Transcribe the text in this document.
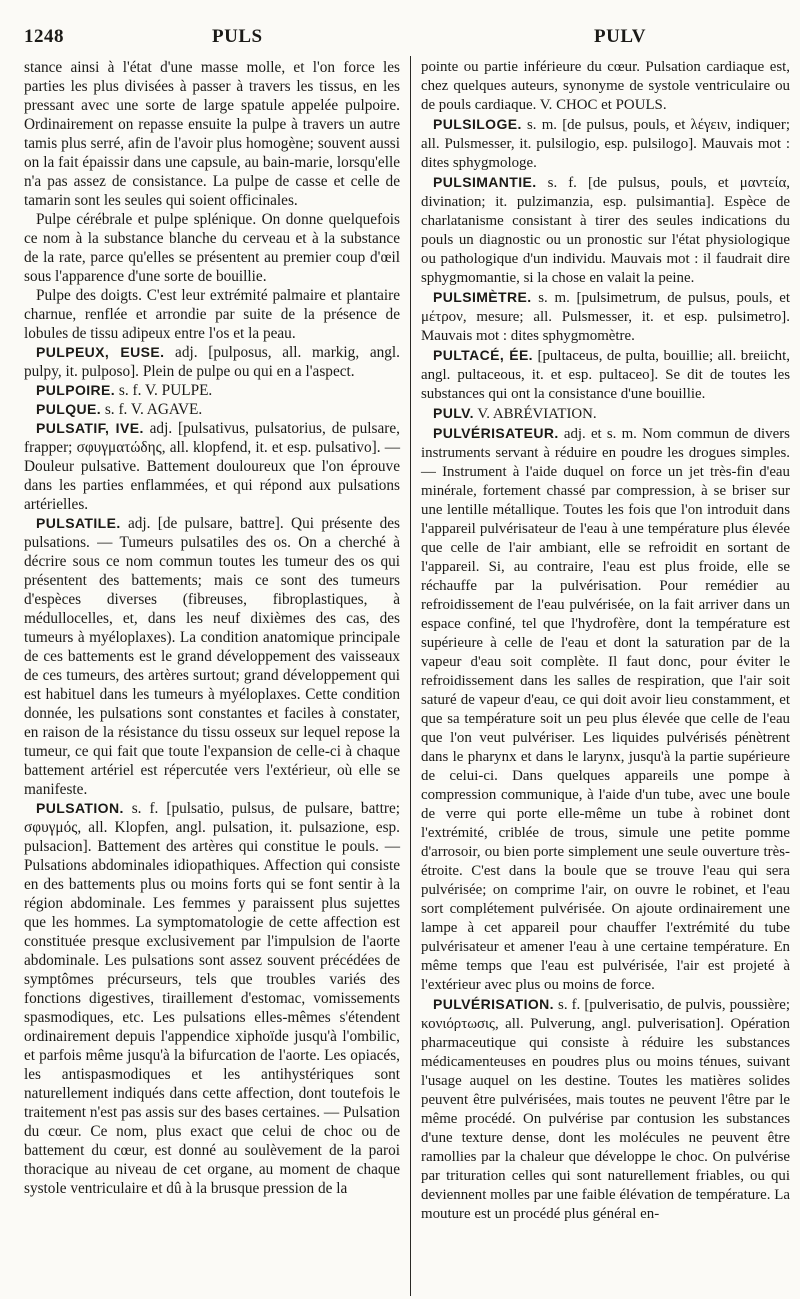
1248	PULS	PULV

stance ainsi à l'état d'une masse molle, et l'on force les parties les plus divisées à passer à travers les tissus, en les pressant avec une sorte de large spatule appelée pulpoire. Ordinairement on repasse ensuite la pulpe à travers un autre tamis plus serré, afin de l'avoir plus homogène; souvent aussi on la fait épaissir dans une capsule, au bain-marie, lorsqu'elle n'a pas assez de consistance. La pulpe de casse et celle de tamarin sont les seules qui soient officinales.

Pulpe cérébrale et pulpe splénique. On donne quelquefois ce nom à la substance blanche du cerveau et à la substance de la rate, parce qu'elles se présentent au premier coup d'œil sous l'apparence d'une sorte de bouillie.

Pulpe des doigts. C'est leur extrémité palmaire et plantaire charnue, renflée et arrondie par suite de la présence de lobules de tissu adipeux entre l'os et la peau.

PULPEUX, EUSE. adj. [pulposus, all. markig, angl. pulpy, it. pulposo]. Plein de pulpe ou qui en a l'aspect.

PULPOIRE. s. f. V. PULPE.

PULQUE. s. f. V. AGAVE.

PULSATIF, IVE. adj. [pulsativus, pulsatorius, de pulsare, frapper; σφυγματώδης, all. klopfend, it. et esp. pulsativo]. — Douleur pulsative. Battement douloureux que l'on éprouve dans les parties enflammées, et qui répond aux pulsations artérielles.

PULSATILE. adj. [de pulsare, battre]. Qui présente des pulsations. — Tumeurs pulsatiles des os. On a cherché à décrire sous ce nom commun toutes les tumeur des os qui présentent des battements; mais ce sont des tumeurs d'espèces diverses (fibreuses, fibroplastiques, à médullocelles, et, dans les neuf dixièmes des cas, des tumeurs à myéloplaxes). La condition anatomique principale de ces battements est le grand développement des vaisseaux de ces tumeurs, des artères surtout; grand développement qui est habituel dans les tumeurs à myéloplaxes. Cette condition donnée, les pulsations sont constantes et faciles à constater, en raison de la résistance du tissu osseux sur lequel repose la tumeur, ce qui fait que toute l'expansion de celle-ci à chaque battement artériel est répercutée vers l'extérieur, où elle se manifeste.

PULSATION. s. f. [pulsatio, pulsus, de pulsare, battre; σφυγμός, all. Klopfen, angl. pulsation, it. pulsazione, esp. pulsacion]. Battement des artères qui constitue le pouls. — Pulsations abdominales idiopathiques. Affection qui consiste en des battements plus ou moins forts qui se font sentir à la région abdominale. Les femmes y paraissent plus sujettes que les hommes. La symptomatologie de cette affection est constituée presque exclusivement par l'impulsion de l'aorte abdominale. Les pulsations sont assez souvent précédées de symptômes précurseurs, tels que troubles variés des fonctions digestives, tiraillement d'estomac, vomissements spasmodiques, etc. Les pulsations elles-mêmes s'étendent ordinairement depuis l'appendice xiphoïde jusqu'à l'ombilic, et parfois même jusqu'à la bifurcation de l'aorte. Les opiacés, les antispasmodiques et les antihystériques sont naturellement indiqués dans cette affection, dont toutefois le traitement n'est pas assis sur des bases certaines. — Pulsation du cœur. Ce nom, plus exact que celui de choc ou de battement du cœur, est donné au soulèvement de la paroi thoracique au niveau de cet organe, au moment de chaque systole ventriculaire et dû à la brusque pression de la

pointe ou partie inférieure du cœur. Pulsation cardiaque est, chez quelques auteurs, synonyme de systole ventriculaire ou de pouls cardiaque. V. CHOC et POULS.

PULSILOGE. s. m. [de pulsus, pouls, et λέγειν, indiquer; all. Pulsmesser, it. pulsilogio, esp. pulsilogo]. Mauvais mot : dites sphygmologe.

PULSIMANTIE. s. f. [de pulsus, pouls, et μαντεία, divination; it. pulzimanzia, esp. pulsimantia]. Espèce de charlatanisme consistant à tirer des seules indications du pouls un diagnostic ou un pronostic sur l'état physiologique ou pathologique d'un individu. Mauvais mot : il faudrait dire sphygmomantie, si la chose en valait la peine.

PULSIMÈTRE. s. m. [pulsimetrum, de pulsus, pouls, et μέτρον, mesure; all. Pulsmesser, it. et esp. pulsimetro]. Mauvais mot : dites sphygmomètre.

PULTACÉ, ÉE. [pultaceus, de pulta, bouillie; all. breiicht, angl. pultaceous, it. et esp. pultaceo]. Se dit de toutes les substances qui ont la consistance d'une bouillie.

PULV. V. ABRÉVIATION.

PULVÉRISATEUR. adj. et s. m. Nom commun de divers instruments servant à réduire en poudre les drogues simples. — Instrument à l'aide duquel on force un jet très-fin d'eau minérale, fortement chassé par compression, à se briser sur une lentille métallique. Toutes les fois que l'on introduit dans l'appareil pulvérisateur de l'eau à une température plus élevée que celle de l'air ambiant, elle se refroidit en sortant de l'appareil. Si, au contraire, l'eau est plus froide, elle se réchauffe par la pulvérisation. Pour remédier au refroidissement de l'eau pulvérisée, on la fait arriver dans un espace confiné, tel que l'hydrofère, dont la température est supérieure à celle de l'eau et dont la saturation par de la vapeur d'eau soit complète. Il faut donc, pour éviter le refroidissement dans les salles de respiration, que l'air soit saturé de vapeur d'eau, ce qui doit avoir lieu constamment, et que sa température soit un peu plus élevée que celle de l'eau que l'on veut pulvériser. Les liquides pulvérisés pénètrent dans le pharynx et dans le larynx, jusqu'à la partie supérieure de celui-ci. Dans quelques appareils une pompe à compression communique, à l'aide d'un tube, avec une boule de verre qui porte elle-même un tube à robinet dont l'extrémité, criblée de trous, simule une petite pomme d'arrosoir, ou bien porte simplement une seule ouverture très-étroite. C'est dans la boule que se trouve l'eau qui sera pulvérisée; on comprime l'air, on ouvre le robinet, et l'eau sort complétement pulvérisée. On ajoute ordinairement une lampe à cet appareil pour chauffer l'extrémité du tube pulvérisateur et amener l'eau à une certaine température. En même temps que l'eau est pulvérisée, l'air est projeté à l'extérieur avec plus ou moins de force.

PULVÉRISATION. s. f. [pulverisatio, de pulvis, poussière; κονιόρτωσις, all. Pulverung, angl. pulverisation]. Opération pharmaceutique qui consiste à réduire les substances médicamenteuses en poudres plus ou moins ténues, suivant l'usage auquel on les destine. Toutes les matières solides peuvent être pulvérisées, mais toutes ne peuvent l'être par le même procédé. On pulvérise par contusion les substances d'une texture dense, dont les molécules ne peuvent être ramollies par la chaleur que développe le choc. On pulvérise par trituration celles qui sont naturellement friables, ou qui deviennent molles par une faible élévation de température. La mouture est un procédé plus général en-
